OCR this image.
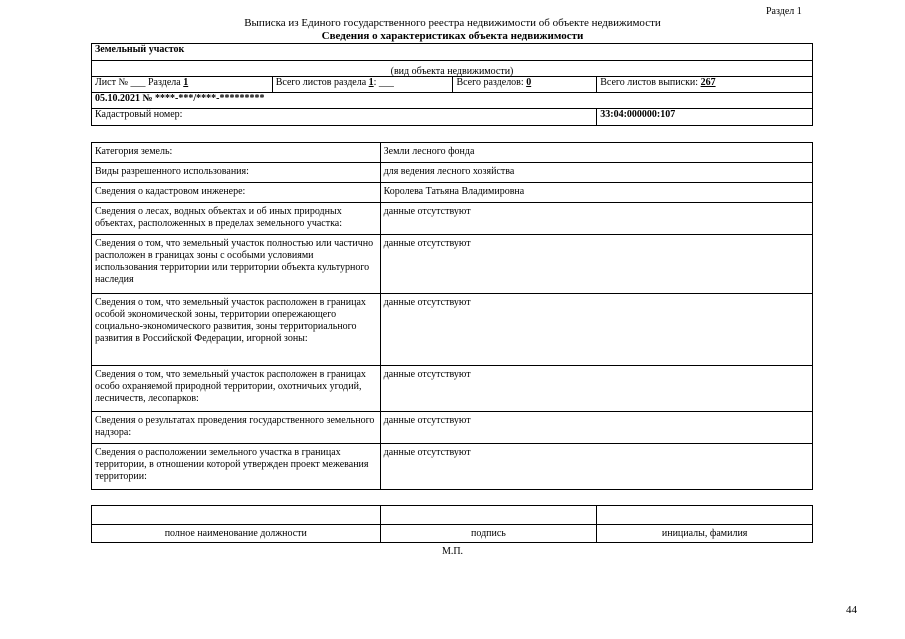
Раздел 1
Выписка из Единого государственного реестра недвижимости об объекте недвижимости
Сведения о характеристиках объекта недвижимости
Земельный участок			
(вид объекта недвижимости)			
Лист № ___ Раздела 1	Всего листов раздела 1: ___	Всего разделов: 0	Всего листов выписки: 267
05.10.2021 № ****-***/****-*********			
Кадастровый номер:			33:04:000000:107
Категория земель:	Земли лесного фонда
Виды разрешенного использования:	для ведения лесного хозяйства
Сведения о кадастровом инженере:	Королева Татьяна Владимировна
Сведения о лесах, водных объектах и об иных природных объектах, расположенных в пределах земельного участка:	данные отсутствуют
Сведения о том, что земельный участок полностью или частично расположен в границах зоны с особыми условиями использования территории или территории объекта культурного наследия	данные отсутствуют
Сведения о том, что земельный участок расположен в границах особой экономической зоны, территории опережающего социально-экономического развития, зоны территориального развития в Российской Федерации, игорной зоны:	данные отсутствуют
Сведения о том, что земельный участок расположен в границах особо охраняемой природной территории, охотничьих угодий, лесничеств, лесопарков:	данные отсутствуют
Сведения о результатах проведения государственного земельного надзора:	данные отсутствуют
Сведения о расположении земельного участка в границах территории, в отношении которой утвержден проект межевания территории:	данные отсутствуют

полное наименование должности	подпись	инициалы, фамилия
М.П.
44
